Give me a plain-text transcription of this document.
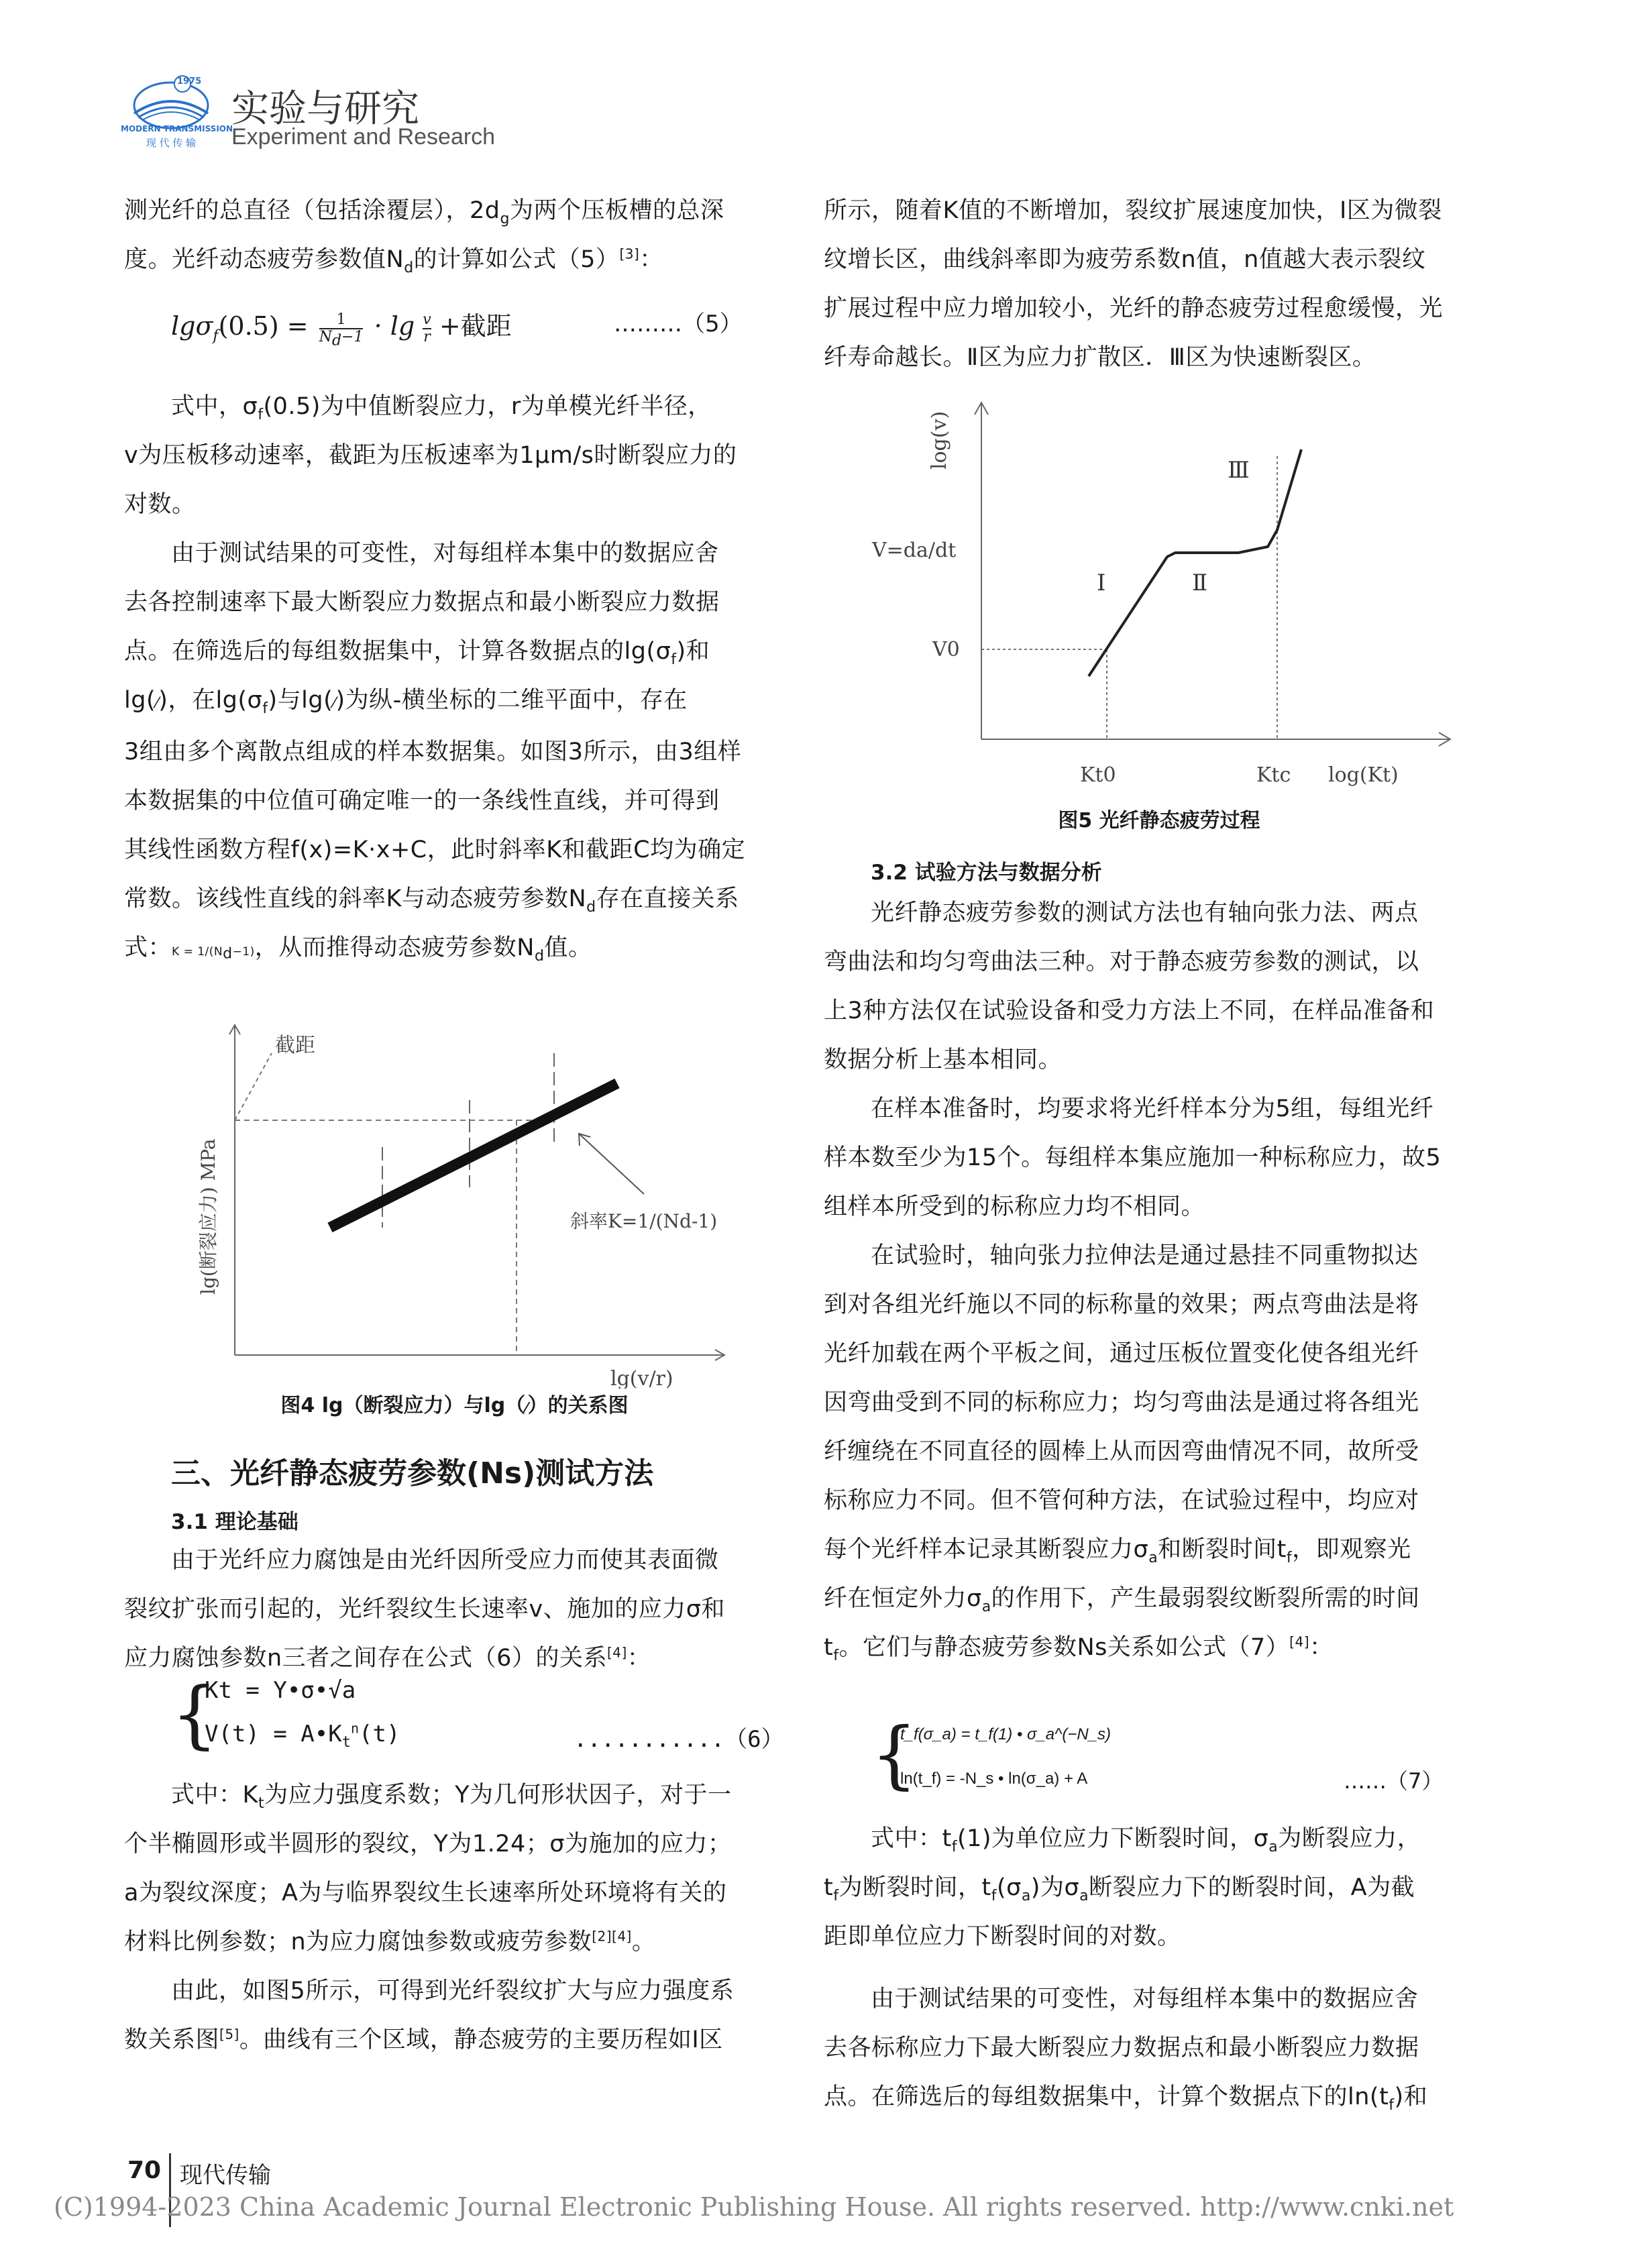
1975
MODERN TRANSMISSION
现 代 传 输
实验与研究
Experiment and Research

测光纤的总直径（包括涂覆层），$2d_g$为两个压板槽的总深
度。光纤动态疲劳参数值$N_d$的计算如公式（5）[3]：

$\lg\sigma_f(0.5) = \frac{1}{N_d-1} \cdot \lg \frac{v}{r}$ +截距	………（5）

式中，$\sigma_f(0.5)$为中值断裂应力，r为单模光纤半径，
v为压板移动速率，截距为压板速率为1μm/s时断裂应力的
对数。

由于测试结果的可变性，对每组样本集中的数据应舍
去各控制速率下最大断裂应力数据点和最小断裂应力数据
点。在筛选后的每组数据集中，计算各数据点的$\lg(\sigma_f)$和
lg(⁄)，在$\lg(\sigma_f)$与lg(⁄)为纵-横坐标的二维平面中，存在
3组由多个离散点组成的样本数据集。如图3所示，由3组样
本数据集的中位值可确定唯一的一条线性直线，并可得到
其线性函数方程f(x)=K·x+C，此时斜率K和截距C均为确定
常数。该线性直线的斜率K与动态疲劳参数$N_d$存在直接关系
式：$K = 1/(N_d-1)$，从而推得动态疲劳参数$N_d$值。

截距
斜率K=1/(Nd-1)
lg(v/r)
lg(断裂应力) MPa
图4 lg（断裂应力）与lg（⁄）的关系图
三、光纤静态疲劳参数(Ns)测试方法
3.1 理论基础

由于光纤应力腐蚀是由光纤因所受应力而使其表面微
裂纹扩张而引起的，光纤裂纹生长速率v、施加的应力σ和
应力腐蚀参数n三者之间存在公式（6）的关系[4]：

{
Kt = Y•σ•√a
$V(t) = A•K_t^n(t)$	...........（6）

式中：$K_t$为应力强度系数；Y为几何形状因子，对于一
个半椭圆形或半圆形的裂纹，Y为1.24；σ为施加的应力；
a为裂纹深度；A为与临界裂纹生长速率所处环境将有关的
材料比例参数；n为应力腐蚀参数或疲劳参数[2][4]。

由此，如图5所示，可得到光纤裂纹扩大与应力强度系
数关系图[5]。曲线有三个区域，静态疲劳的主要历程如Ⅰ区

所示，随着K值的不断增加，裂纹扩展速度加快，Ⅰ区为微裂
纹增长区，曲线斜率即为疲劳系数n值，n值越大表示裂纹
扩展过程中应力增加较小，光纤的静态疲劳过程愈缓慢，光
纤寿命越长。Ⅱ区为应力扩散区．Ⅲ区为快速断裂区。

log(v)
V=da/dt
V0
Kt0	Ktc log(Kt)
Ⅰ	Ⅱ
Ⅲ
图5 光纤静态疲劳过程
3.2 试验方法与数据分析

光纤静态疲劳参数的测试方法也有轴向张力法、两点
弯曲法和均匀弯曲法三种。对于静态疲劳参数的测试，以
上3种方法仅在试验设备和受力方法上不同，在样品准备和
数据分析上基本相同。

在样本准备时，均要求将光纤样本分为5组，每组光纤
样本数至少为15个。每组样本集应施加一种标称应力，故5
组样本所受到的标称应力均不相同。

在试验时，轴向张力拉伸法是通过悬挂不同重物拟达
到对各组光纤施以不同的标称量的效果；两点弯曲法是将
光纤加载在两个平板之间，通过压板位置变化使各组光纤
因弯曲受到不同的标称应力；均匀弯曲法是通过将各组光
纤缠绕在不同直径的圆棒上从而因弯曲情况不同，故所受
标称应力不同。但不管何种方法，在试验过程中，均应对
每个光纤样本记录其断裂应力$\sigma_a$和断裂时间$t_f$，即观察光
纤在恒定外力$\sigma_a$的作用下，产生最弱裂纹断裂所需的时间
$t_f$。它们与静态疲劳参数Ns关系如公式（7）[4]：

{
t_f(σ_a) = t_f(1) • σ_a^(−N_s)
ln(t_f) = -N_s • ln(σ_a) + A	……（7）

式中：$t_f(1)$为单位应力下断裂时间，$\sigma_a$为断裂应力，
$t_f$为断裂时间，$t_f(\sigma_a)$为$\sigma_a$断裂应力下的断裂时间，A为截
距即单位应力下断裂时间的对数。

由于测试结果的可变性，对每组样本集中的数据应舍
去各标称应力下最大断裂应力数据点和最小断裂应力数据
点。在筛选后的每组数据集中，计算个数据点下的$\ln(t_f)$和

70 现代传输
(C)1994-2023 China Academic Journal Electronic Publishing House. All rights reserved. http://www.cnki.net
